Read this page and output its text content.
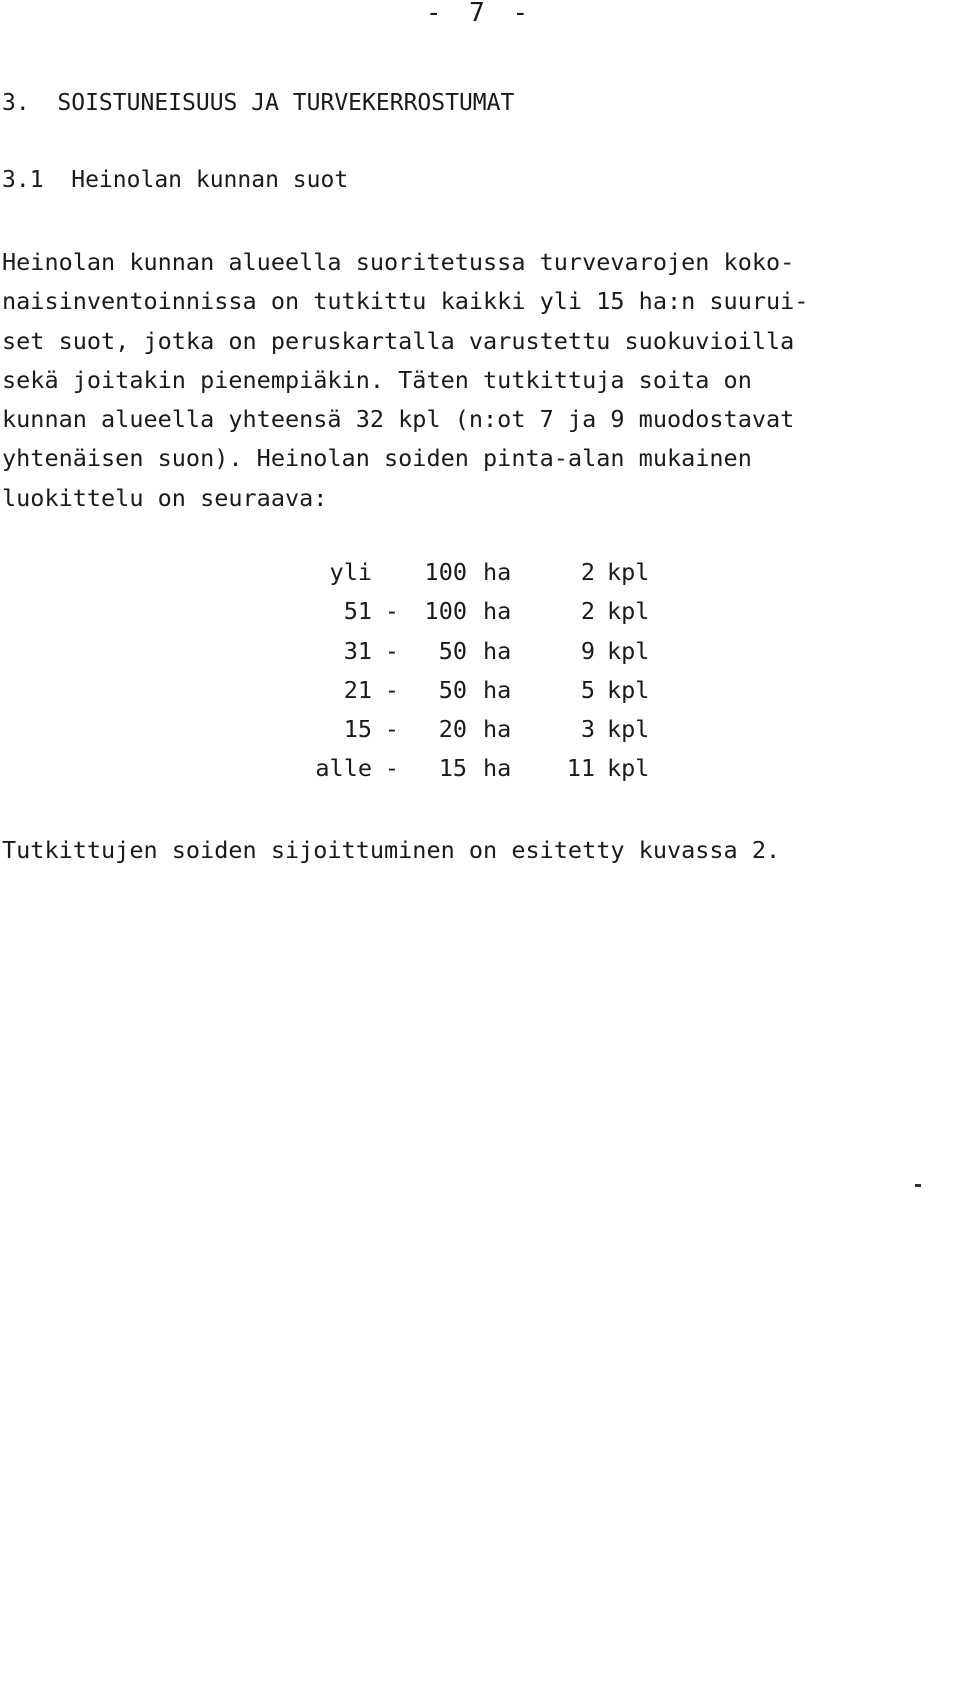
- 7 -
3.  SOISTUNEISUUS JA TURVEKERROSTUMAT
3.1  Heinolan kunnan suot
Heinolan kunnan alueella suoritetussa turvevarojen koko-
naisinventoinnissa on tutkittu kaikki yli 15 ha:n suurui-
set suot, jotka on peruskartalla varustettu suokuvioilla
sekä joitakin pienempiäkin. Täten tutkittuja soita on
kunnan alueella yhteensä 32 kpl (n:ot 7 ja 9 muodostavat
yhtenäisen suon). Heinolan soiden pinta-alan mukainen
luokittelu on seuraava:
yli		100	ha	2	kpl
51	-	100	ha	2	kpl
31	-	50	ha	9	kpl
21	-	50	ha	5	kpl
15	-	20	ha	3	kpl
alle	-	15	ha	11	kpl
Tutkittujen soiden sijoittuminen on esitetty kuvassa 2.
